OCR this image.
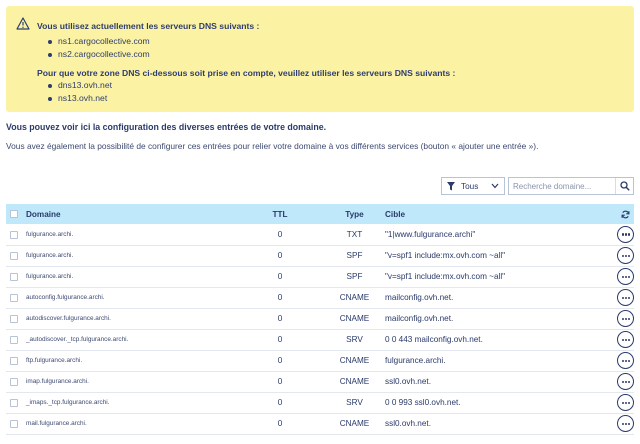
Vous utilisez actuellement les serveurs DNS suivants :
ns1.cargocollective.com
ns2.cargocollective.com
Pour que votre zone DNS ci-dessous soit prise en compte, veuillez utiliser les serveurs DNS suivants :
dns13.ovh.net
ns13.ovh.net
Vous pouvez voir ici la configuration des diverses entrées de votre domaine.
Vous avez également la possibilité de configurer ces entrées pour relier votre domaine à vos différents services (bouton « ajouter une entrée »).
Tous
Recherche domaine...
	Domaine	TTL	Type	Cible	
	fulgurance.archi.	0	TXT	"1|www.fulgurance.archi"	

	fulgurance.archi.	0	SPF	"v=spf1 include:mx.ovh.com ~all"	

	fulgurance.archi.	0	SPF	"v=spf1 include:mx.ovh.com ~all"	

	autoconfig.fulgurance.archi.	0	CNAME	mailconfig.ovh.net.	

	autodiscover.fulgurance.archi.	0	CNAME	mailconfig.ovh.net.	

	_autodiscover._tcp.fulgurance.archi.	0	SRV	0 0 443 mailconfig.ovh.net.	

	ftp.fulgurance.archi.	0	CNAME	fulgurance.archi.	

	imap.fulgurance.archi.	0	CNAME	ssl0.ovh.net.	

	_imaps._tcp.fulgurance.archi.	0	SRV	0 0 993 ssl0.ovh.net.	

	mail.fulgurance.archi.	0	CNAME	ssl0.ovh.net.	
